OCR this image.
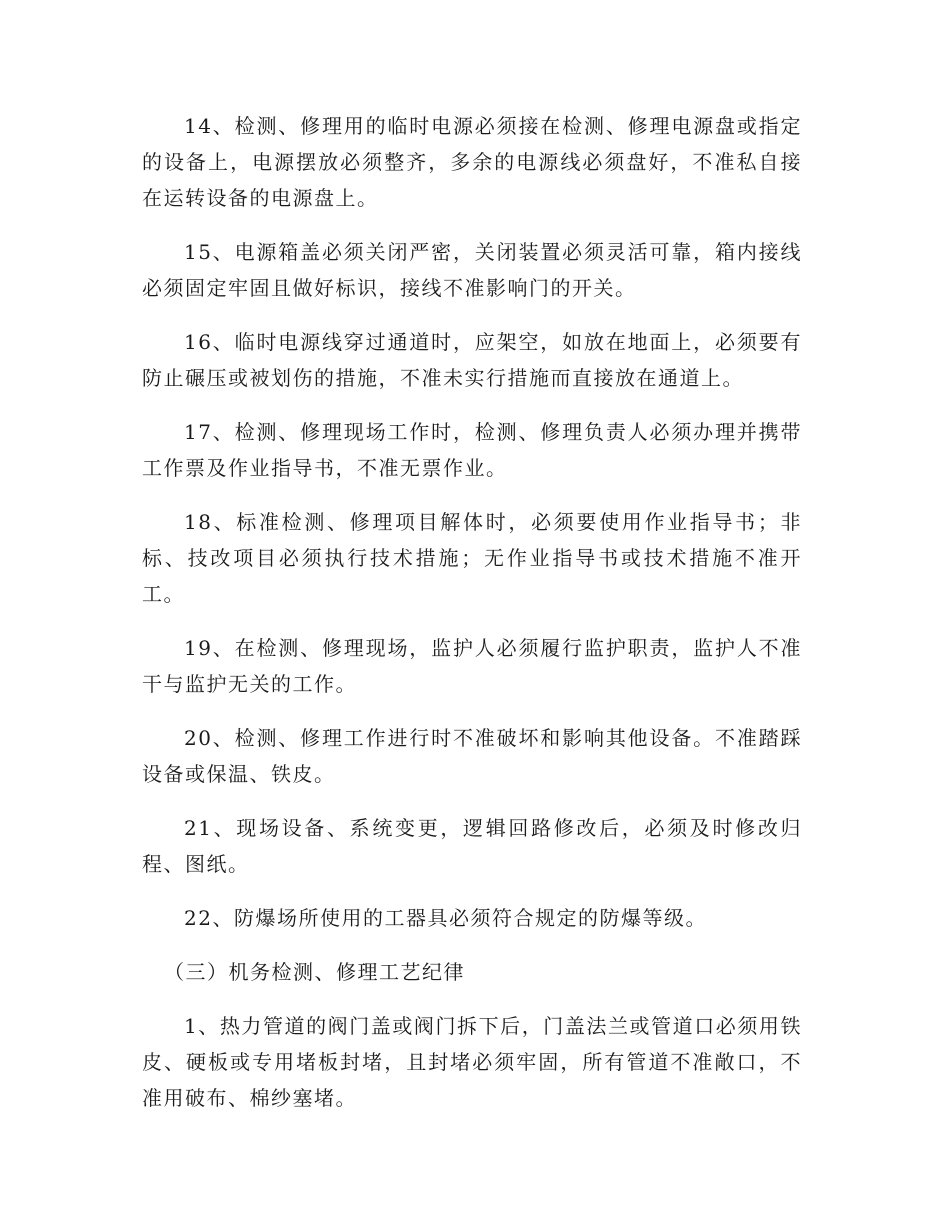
14、检测、修理用的临时电源必须接在检测、修理电源盘或指定的设备上，电源摆放必须整齐，多余的电源线必须盘好，不准私自接在运转设备的电源盘上。

15、电源箱盖必须关闭严密，关闭装置必须灵活可靠，箱内接线必须固定牢固且做好标识，接线不准影响门的开关。

16、临时电源线穿过通道时，应架空，如放在地面上，必须要有防止碾压或被划伤的措施，不准未实行措施而直接放在通道上。

17、检测、修理现场工作时，检测、修理负责人必须办理并携带工作票及作业指导书，不准无票作业。

18、标准检测、修理项目解体时，必须要使用作业指导书；非标、技改项目必须执行技术措施；无作业指导书或技术措施不准开工。

19、在检测、修理现场，监护人必须履行监护职责，监护人不准干与监护无关的工作。

20、检测、修理工作进行时不准破坏和影响其他设备。不准踏踩设备或保温、铁皮。

21、现场设备、系统变更，逻辑回路修改后，必须及时修改归程、图纸。

22、防爆场所使用的工器具必须符合规定的防爆等级。

（三）机务检测、修理工艺纪律

1、热力管道的阀门盖或阀门拆下后，门盖法兰或管道口必须用铁皮、硬板或专用堵板封堵，且封堵必须牢固，所有管道不准敞口，不准用破布、棉纱塞堵。
